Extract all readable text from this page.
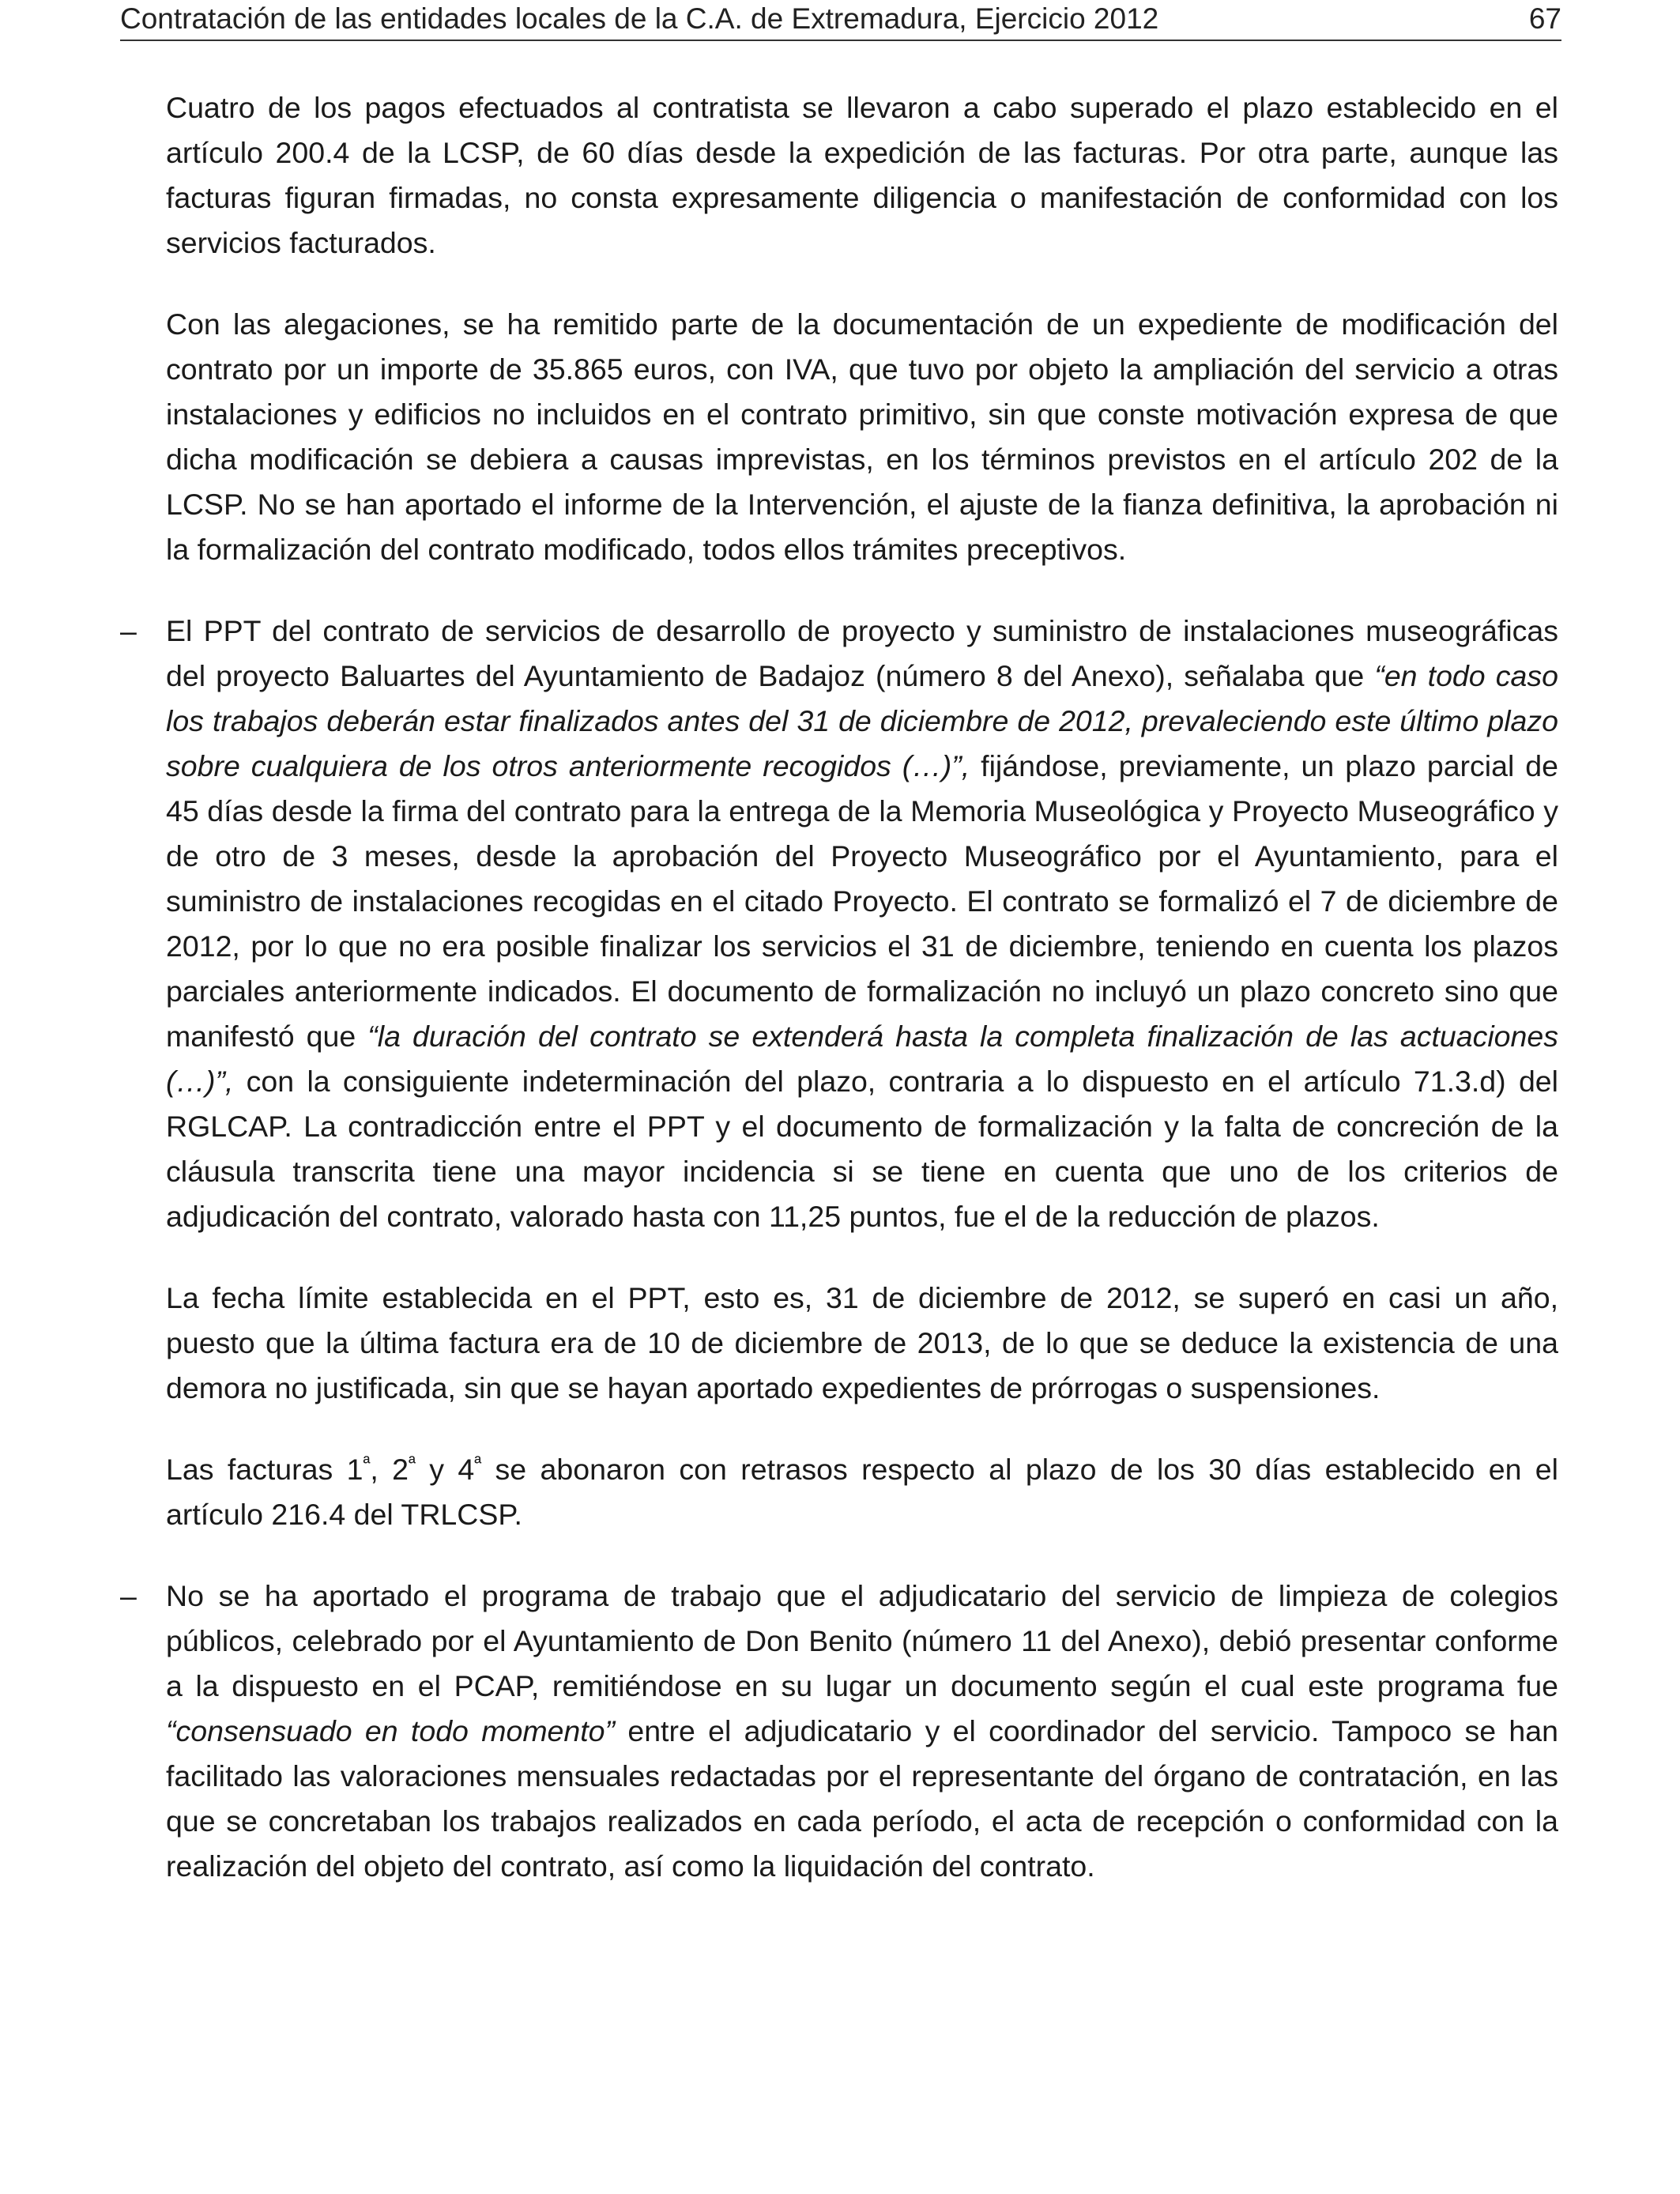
Contratación de las entidades locales de la C.A. de Extremadura, Ejercicio 2012	67

Cuatro de los pagos efectuados al contratista se llevaron a cabo superado el plazo establecido en el artículo 200.4 de la LCSP, de 60 días desde la expedición de las facturas. Por otra parte, aunque las facturas figuran firmadas, no consta expresamente diligencia o manifestación de conformidad con los servicios facturados.

Con las alegaciones, se ha remitido parte de la documentación de un expediente de modificación del contrato por un importe de 35.865 euros, con IVA, que tuvo por objeto la ampliación del servicio a otras instalaciones y edificios no incluidos en el contrato primitivo, sin que conste motivación expresa de que dicha modificación se debiera a causas imprevistas, en los términos previstos en el artículo 202 de la LCSP. No se han aportado el informe de la Intervención, el ajuste de la fianza definitiva, la aprobación ni la formalización del contrato modificado, todos ellos trámites preceptivos.

– El PPT del contrato de servicios de desarrollo de proyecto y suministro de instalaciones museográficas del proyecto Baluartes del Ayuntamiento de Badajoz (número 8 del Anexo), señalaba que “en todo caso los trabajos deberán estar finalizados antes del 31 de diciembre de 2012, prevaleciendo este último plazo sobre cualquiera de los otros anteriormente recogidos (…)”, fijándose, previamente, un plazo parcial de 45 días desde la firma del contrato para la entrega de la Memoria Museológica y Proyecto Museográfico y de otro de 3 meses, desde la aprobación del Proyecto Museográfico por el Ayuntamiento, para el suministro de instalaciones recogidas en el citado Proyecto. El contrato se formalizó el 7 de diciembre de 2012, por lo que no era posible finalizar los servicios el 31 de diciembre, teniendo en cuenta los plazos parciales anteriormente indicados. El documento de formalización no incluyó un plazo concreto sino que manifestó que “la duración del contrato se extenderá hasta la completa finalización de las actuaciones (…)”, con la consiguiente indeterminación del plazo, contraria a lo dispuesto en el artículo 71.3.d) del RGLCAP. La contradicción entre el PPT y el documento de formalización y la falta de concreción de la cláusula transcrita tiene una mayor incidencia si se tiene en cuenta que uno de los criterios de adjudicación del contrato, valorado hasta con 11,25 puntos, fue el de la reducción de plazos.

La fecha límite establecida en el PPT, esto es, 31 de diciembre de 2012, se superó en casi un año, puesto que la última factura era de 10 de diciembre de 2013, de lo que se deduce la existencia de una demora no justificada, sin que se hayan aportado expedientes de prórrogas o suspensiones.

Las facturas $1^ª$, $2^ª$ y $4^ª$ se abonaron con retrasos respecto al plazo de los 30 días establecido en el artículo 216.4 del TRLCSP.

– No se ha aportado el programa de trabajo que el adjudicatario del servicio de limpieza de colegios públicos, celebrado por el Ayuntamiento de Don Benito (número 11 del Anexo), debió presentar conforme a la dispuesto en el PCAP, remitiéndose en su lugar un documento según el cual este programa fue “consensuado en todo momento” entre el adjudicatario y el coordinador del servicio. Tampoco se han facilitado las valoraciones mensuales redactadas por el representante del órgano de contratación, en las que se concretaban los trabajos realizados en cada período, el acta de recepción o conformidad con la realización del objeto del contrato, así como la liquidación del contrato.
